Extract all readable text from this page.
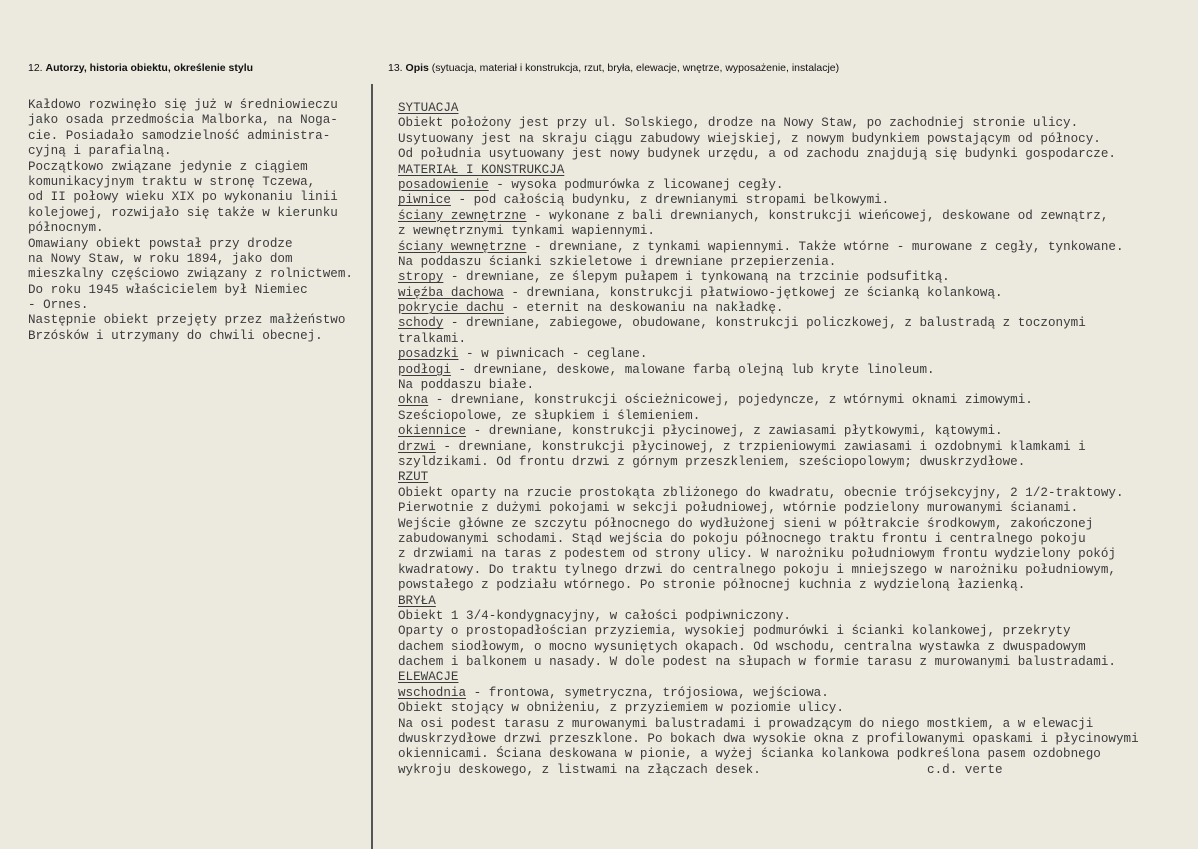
12. Autorzy, historia obiektu, określenie stylu	13. Opis (sytuacja, materiał i konstrukcja, rzut, bryła, elewacje, wnętrze, wyposażenie, instalacje)
Kałdowo rozwinęło się już w średniowieczu
jako osada przedmościa Malborka, na Noga-
cie. Posiadało samodzielność administra-
cyjną i parafialną.
Początkowo związane jedynie z ciągiem
komunikacyjnym traktu w stronę Tczewa,
od II połowy wieku XIX po wykonaniu linii
kolejowej, rozwijało się także w kierunku
północnym.
Omawiany obiekt powstał przy drodze
na Nowy Staw, w roku 1894, jako dom
mieszkalny częściowo związany z rolnictwem.
Do roku 1945 właścicielem był Niemiec
- Ornes.
Następnie obiekt przejęty przez małżeństwo
Brzósków i utrzymany do chwili obecnej.
SYTUACJA
Obiekt położony jest przy ul. Solskiego, drodze na Nowy Staw, po zachodniej stronie ulicy.
Usytuowany jest na skraju ciągu zabudowy wiejskiej, z nowym budynkiem powstającym od północy.
Od południa usytuowany jest nowy budynek urzędu, a od zachodu znajdują się budynki gospodarcze.
MATERIAŁ I KONSTRUKCJA
posadowienie - wysoka podmurówka z licowanej cegły.
piwnice - pod całością budynku, z drewnianymi stropami belkowymi.
ściany zewnętrzne - wykonane z bali drewnianych, konstrukcji wieńcowej, deskowane od zewnątrz,
z wewnętrznymi tynkami wapiennymi.
ściany wewnętrzne - drewniane, z tynkami wapiennymi. Także wtórne - murowane z cegły, tynkowane.
Na poddaszu ścianki szkieletowe i drewniane przepierzenia.
stropy - drewniane, ze ślepym pułapem i tynkowaną na trzcinie podsufitką.
więźba dachowa - drewniana, konstrukcji płatwiowo-jętkowej ze ścianką kolankową.
pokrycie dachu - eternit na deskowaniu na nakładkę.
schody - drewniane, zabiegowe, obudowane, konstrukcji policzkowej, z balustradą z toczonymi
tralkami.
posadzki - w piwnicach - ceglane.
podłogi - drewniane, deskowe, malowane farbą olejną lub kryte linoleum.
Na poddaszu białe.
okna - drewniane, konstrukcji ościeżnicowej, pojedyncze, z wtórnymi oknami zimowymi.
Sześciopolowe, ze słupkiem i ślemieniem.
okiennice - drewniane, konstrukcji płycinowej, z zawiasami płytkowymi, kątowymi.
drzwi - drewniane, konstrukcji płycinowej, z trzpieniowymi zawiasami i ozdobnymi klamkami i
szyldzikami. Od frontu drzwi z górnym przeszkleniem, sześciopolowym; dwuskrzydłowe.
RZUT
Obiekt oparty na rzucie prostokąta zbliżonego do kwadratu, obecnie trójsekcyjny, 2 1/2-traktowy.
Pierwotnie z dużymi pokojami w sekcji południowej, wtórnie podzielony murowanymi ścianami.
Wejście główne ze szczytu północnego do wydłużonej sieni w półtrakcie środkowym, zakończonej
zabudowanymi schodami. Stąd wejścia do pokoju północnego traktu frontu i centralnego pokoju
z drzwiami na taras z podestem od strony ulicy. W narożniku południowym frontu wydzielony pokój
kwadratowy. Do traktu tylnego drzwi do centralnego pokoju i mniejszego w narożniku południowym,
powstałego z podziału wtórnego. Po stronie północnej kuchnia z wydzieloną łazienką.
BRYŁA
Obiekt 1 3/4-kondygnacyjny, w całości podpiwniczony.
Oparty o prostopadłościan przyziemia, wysokiej podmurówki i ścianki kolankowej, przekryty
dachem siodłowym, o mocno wysuniętych okapach. Od wschodu, centralna wystawka z dwuspadowym
dachem i balkonem u nasady. W dole podest na słupach w formie tarasu z murowanymi balustradami.
ELEWACJE
wschodnia - frontowa, symetryczna, trójosiowa, wejściowa.
Obiekt stojący w obniżeniu, z przyziemiem w poziomie ulicy.
Na osi podest tarasu z murowanymi balustradami i prowadzącym do niego mostkiem, a w elewacji
dwuskrzydłowe drzwi przeszklone. Po bokach dwa wysokie okna z profilowanymi opaskami i płycinowymi
okiennicami. Ściana deskowana w pionie, a wyżej ścianka kolankowa podkreślona pasem ozdobnego
wykroju deskowego, z listwami na złączach desek.                      c.d. verte
